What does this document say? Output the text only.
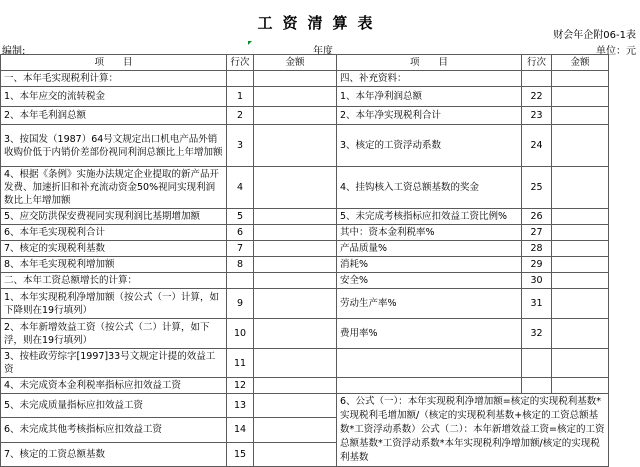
工资清算表
财会年企附06-1表
编制:	年度	单位：元
项　　目	行次	金额	项　　目	行次	金额
一、本年毛实现税利计算：			四、补充资料：		
1、本年应交的流转税金	1		1、本年净利润总额	22	
2、本年毛利润总额	2		2、本年净实现税利合计	23	
3、按国发（1987）64号文规定出口机电产品外销收购价低于内销价差部份视同利润总额比上年增加额	3		3、核定的工资浮动系数	24	
4、根据《条例》实施办法规定企业提取的新产品开发费、加速折旧和补充流动资金50%视同实现利润数比上年增加额	4		4、挂钩核入工资总额基数的奖金	25	
5、应交防洪保安费视同实现利润比基期增加额	5		5、未完成考核指标应扣效益工资比例%	26	
6、本年毛实现税利合计	6		其中：资本金利税率%	27	
7、核定的实现税利基数	7		产品质量%	28	
8、本年毛实现税利增加额	8		消耗%	29	
二、本年工资总额增长的计算：			安全%	30	
1、本年实现税利净增加额（按公式（一）计算，如下降则在19行填列）	9		劳动生产率%	31	
2、本年新增效益工资（按公式（二）计算，如下浮，则在19行填列）	10		费用率%	32	
3、按桂政劳综字[1997]33号文规定计提的效益工资	11				
4、未完成资本金利税率指标应扣效益工资	12				
5、未完成质量指标应扣效益工资	13		6、公式（一）：本年实现税利净增加额=核定的实现税利基数*实现税利毛增加额/（核定的实现税利基数+核定的工资总额基数*工资浮动系数）公式（二）：本年新增效益工资=核定的工资总额基数*工资浮动系数*本年实现税利净增加额/核定的实现税利基数		
6、未完成其他考核指标应扣效益工资	14				
7、核定的工资总额基数	15				
